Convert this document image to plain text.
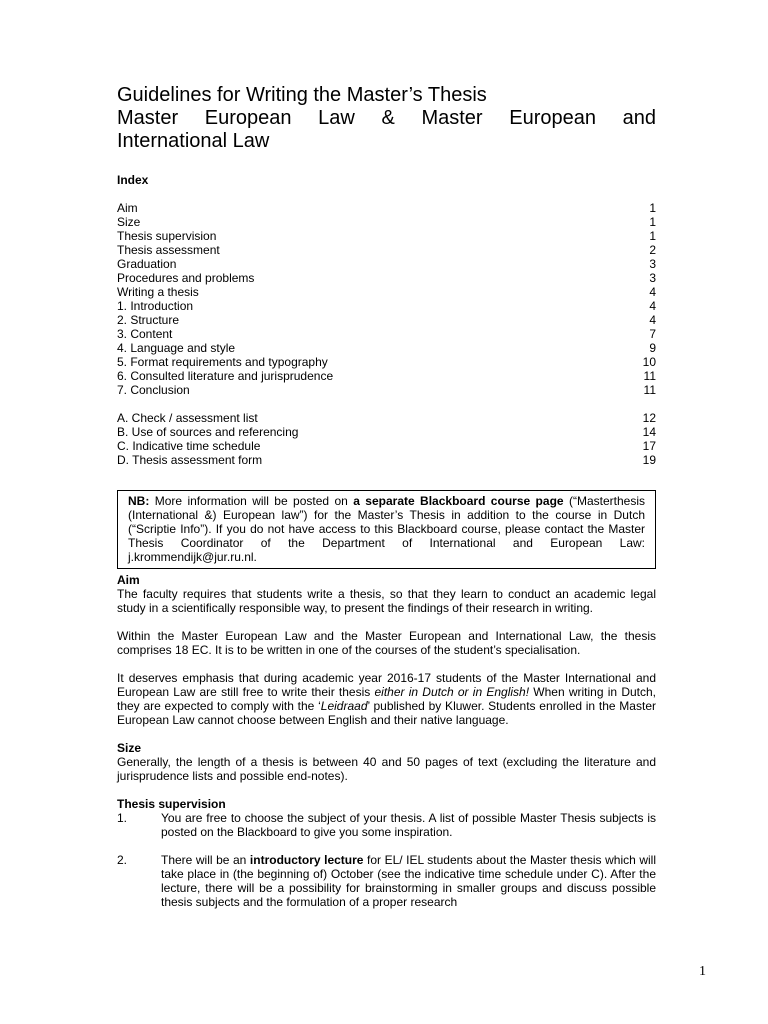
Guidelines for Writing the Master’s Thesis
Master European Law & Master European and
International Law
Index
Aim	1
Size	1
Thesis supervision	1
Thesis assessment	2
Graduation	3
Procedures and problems	3
Writing a thesis	4
1. Introduction	4
2. Structure	4
3. Content	7
4. Language and style	9
5. Format requirements and typography	10
6. Consulted literature and jurisprudence	11
7. Conclusion	11
A. Check / assessment list	12
B. Use of sources and referencing	14
C. Indicative time schedule	17
D. Thesis assessment form	19
NB: More information will be posted on a separate Blackboard course page (“Masterthesis (International &) European law”) for the Master’s Thesis in addition to the course in Dutch (“Scriptie Info”). If you do not have access to this Blackboard course, please contact the Master Thesis Coordinator of the Department of International and European Law: j.krommendijk@jur.ru.nl.
Aim

The faculty requires that students write a thesis, so that they learn to conduct an academic legal study in a scientifically responsible way, to present the findings of their research in writing.

Within the Master European Law and the Master European and International Law, the thesis comprises 18 EC. It is to be written in one of the courses of the student’s specialisation.

It deserves emphasis that during academic year 2016-17 students of the Master International and European Law are still free to write their thesis either in Dutch or in English! When writing in Dutch, they are expected to comply with the ‘Leidraad’ published by Kluwer. Students enrolled in the Master European Law cannot choose between English and their native language.

Size

Generally, the length of a thesis is between 40 and 50 pages of text (excluding the literature and jurisprudence lists and possible end-notes).

Thesis supervision
1.	You are free to choose the subject of your thesis. A list of possible Master Thesis subjects is posted on the Blackboard to give you some inspiration.
2.	There will be an introductory lecture for EL/ IEL students about the Master thesis which will take place in (the beginning of) October (see the indicative time schedule under C). After the lecture, there will be a possibility for brainstorming in smaller groups and discuss possible thesis subjects and the formulation of a proper research
1
